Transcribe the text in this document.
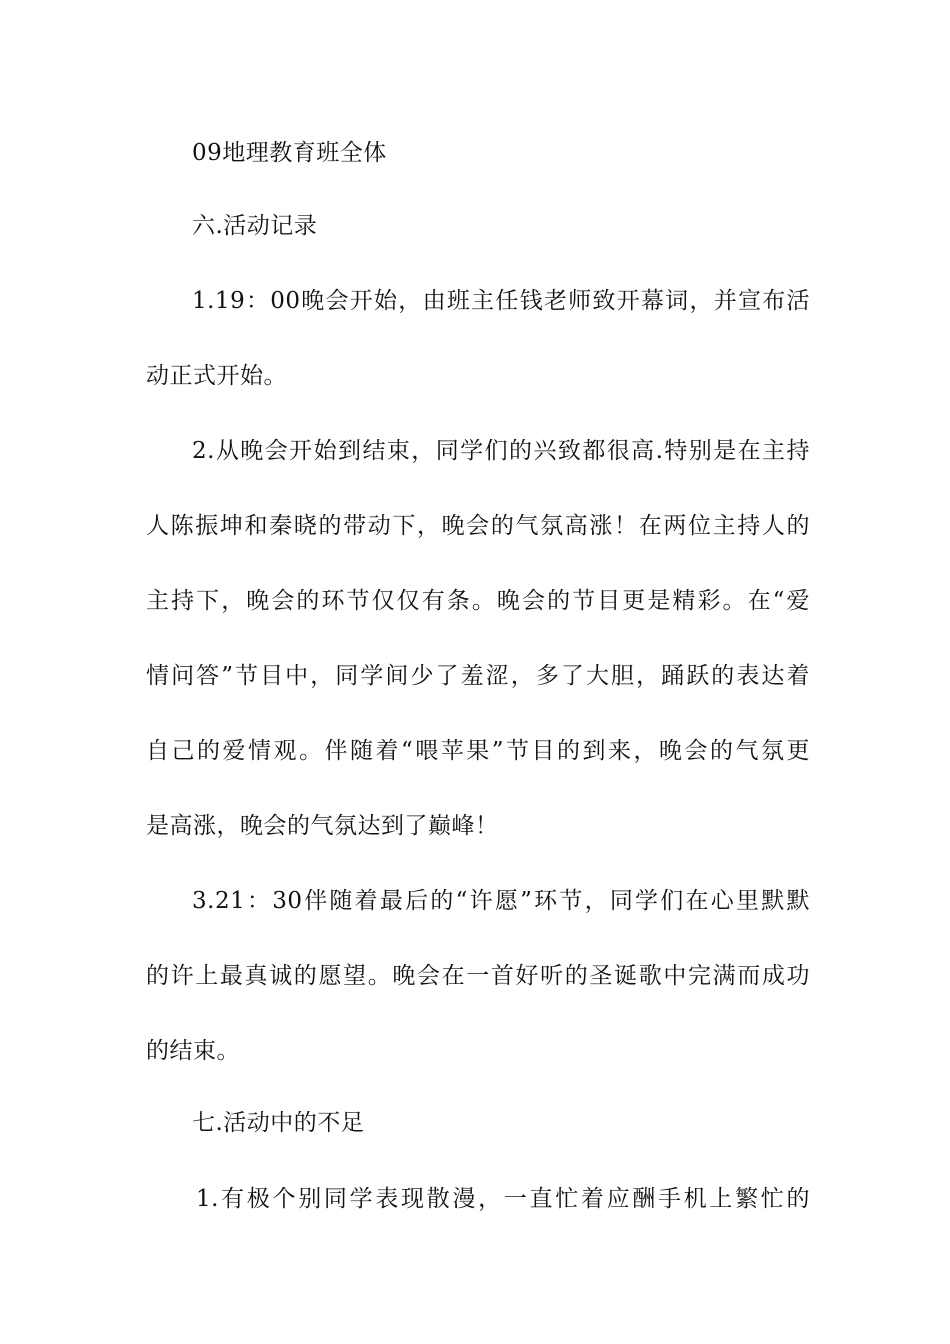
09地理教育班全体
六.活动记录
1.19：00晚会开始，由班主任钱老师致开幕词，并宣布活
动正式开始。
2.从晚会开始到结束，同学们的兴致都很高.特别是在主持
人陈振坤和秦晓的带动下，晚会的气氛高涨！在两位主持人的
主持下，晚会的环节仅仅有条。晚会的节目更是精彩。在“爱
情问答”节目中，同学间少了羞涩，多了大胆，踊跃的表达着
自己的爱情观。伴随着“喂苹果”节目的到来，晚会的气氛更
是高涨，晚会的气氛达到了巅峰！
3.21：30伴随着最后的“许愿”环节，同学们在心里默默
的许上最真诚的愿望。晚会在一首好听的圣诞歌中完满而成功
的结束。
七.活动中的不足
1.有极个别同学表现散漫，一直忙着应酬手机上繁忙的
